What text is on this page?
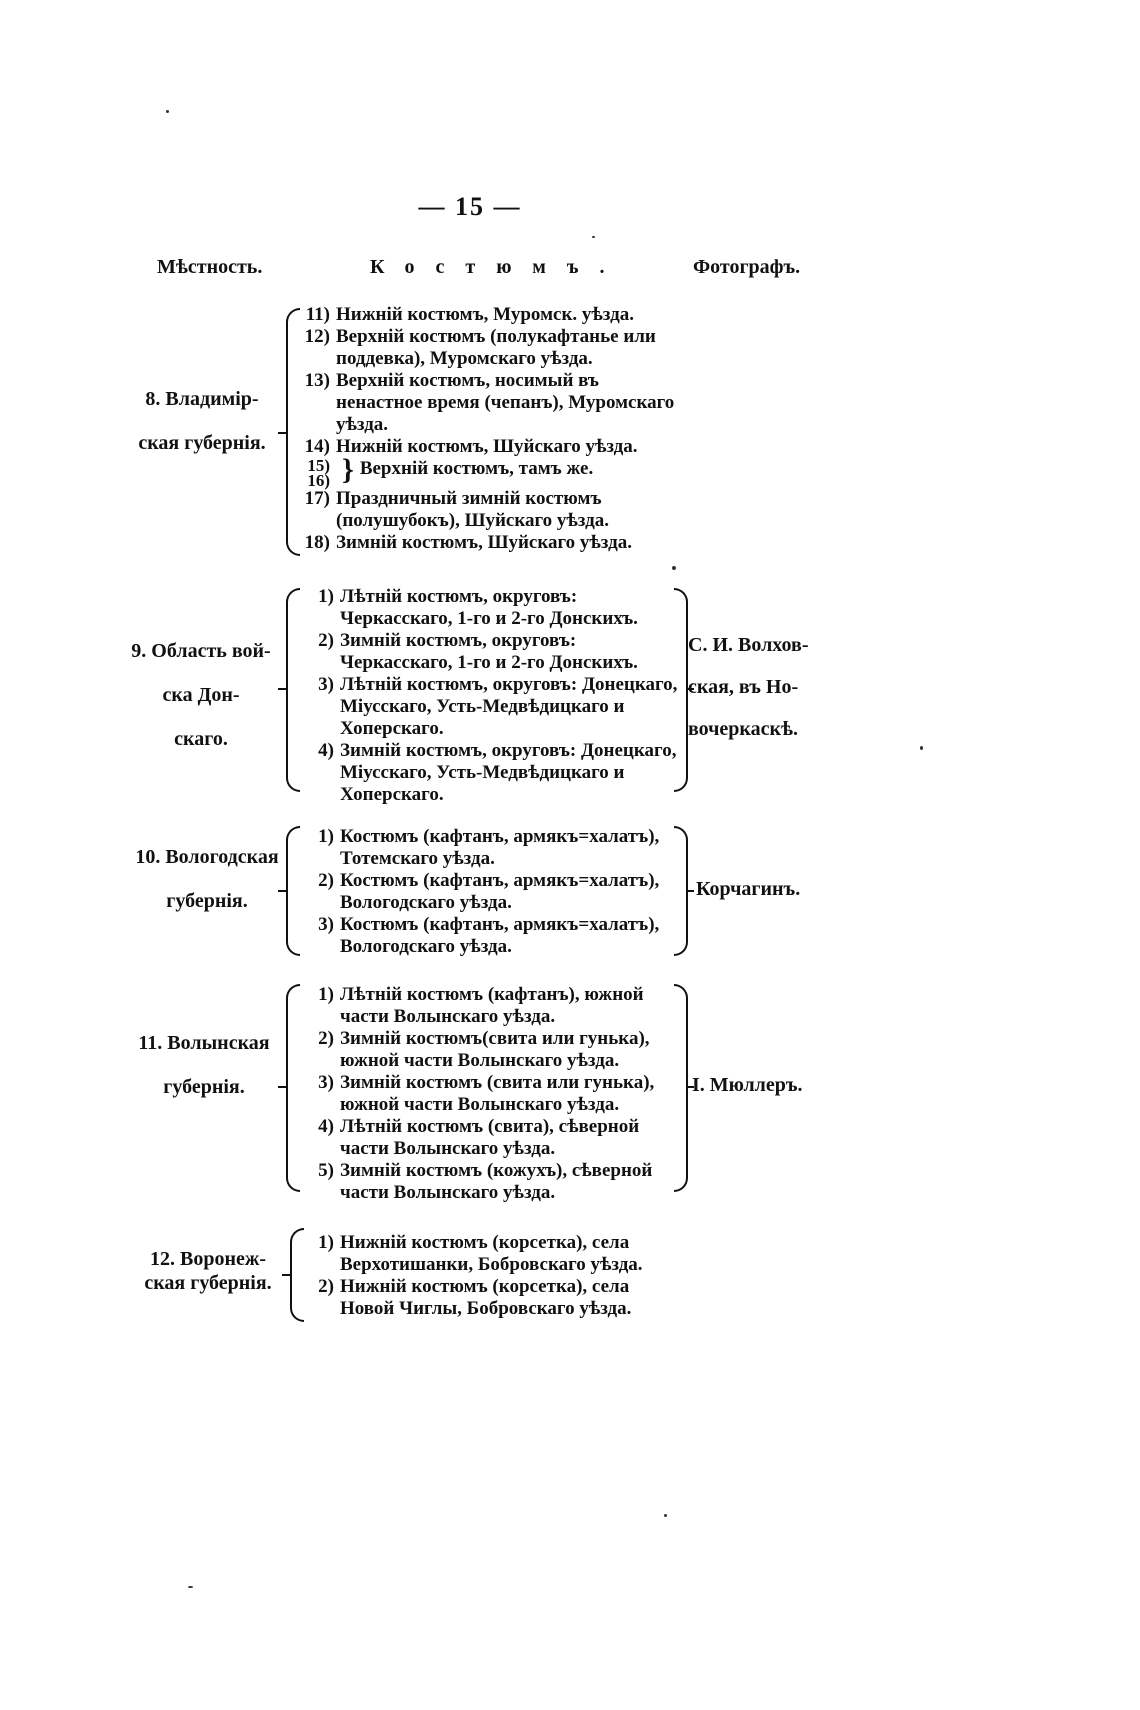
— 15 —
Мѣстность.	Костюмъ.	Фотографъ.
8. Владимір-
ская губернія.
11) Нижній костюмъ, Муромск. уѣзда.
12) Верхній костюмъ (полукафтанье или поддевка), Муромскаго уѣзда.
13) Верхній костюмъ, носимый въ ненастное время (чепанъ), Муромскаго уѣзда.
14) Нижній костюмъ, Шуйскаго уѣзда.
15)
16) } Верхній костюмъ, тамъ же.
17) Праздничный зимній костюмъ (полушубокъ), Шуйскаго уѣзда.
18) Зимній костюмъ, Шуйскаго уѣзда.
9. Область вой-
ска Дон-
скаго.
1) Лѣтній костюмъ, округовъ: Черкасскаго, 1-го и 2-го Донскихъ.
2) Зимній костюмъ, округовъ: Черкасскаго, 1-го и 2-го Донскихъ.
3) Лѣтній костюмъ, округовъ: Донецкаго, Міусскаго, Усть-Медвѣдицкаго и Хоперскаго.
4) Зимній костюмъ, округовъ: Донецкаго, Міусскаго, Усть-Медвѣдицкаго и Хоперскаго.
С. И. Волхов-
ская, въ Но-
вочеркаскѣ.
10. Вологодская
губернія.
1) Костюмъ (кафтанъ, армякъ=халатъ), Тотемскаго уѣзда.
2) Костюмъ (кафтанъ, армякъ=халатъ), Вологодскаго уѣзда.
3) Костюмъ (кафтанъ, армякъ=халатъ), Вологодскаго уѣзда.
Корчагинъ.
11. Волынская
губернія.
1) Лѣтній костюмъ (кафтанъ), южной части Волынскаго уѣзда.
2) Зимній костюмъ(свита или гунька), южной части Волынскаго уѣзда.
3) Зимній костюмъ (свита или гунька), южной части Волынскаго уѣзда.
4) Лѣтній костюмъ (свита), сѣверной части Волынскаго уѣзда.
5) Зимній костюмъ (кожухъ), сѣверной части Волынскаго уѣзда.
I. Мюллеръ.
12. Воронеж-
ская губернія.
1) Нижній костюмъ (корсетка), села Верхотишанки, Бобровскаго уѣзда.
2) Нижній костюмъ (корсетка), села Новой Чиглы, Бобровскаго уѣзда.
